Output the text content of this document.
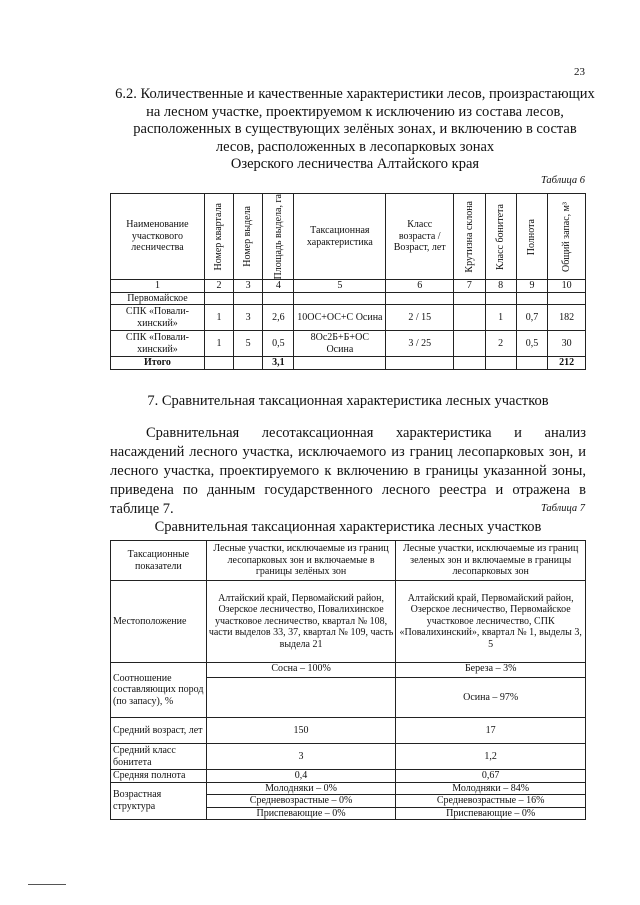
23
6.2. Количественные и качественные характеристики лесов, произрастающих
на лесном участке, проектируемом к исключению из состава лесов,
расположенных в существующих зелёных зонах, и включению в состав
лесов, расположенных в лесопарковых зонах
Озерского лесничества Алтайского края
Таблица 6
Наименование участкового лесничества	Номер квартала	Номер выдела	Площадь выдела, га	Таксационная характеристика	Класс возраста / Возраст, лет	Крутизна склона	Класс бонитета	Полнота	Общий запас, м³

1	2	3	4	5	6	7	8	9	10
Первомайское									
СПК «Повали-хинский»	1	3	2,6	10ОС+ОС+С Осина	2 / 15		1	0,7	182
СПК «Повали-хинский»	1	5	0,5	8Ос2Б+Б+ОС Осина	3 / 25		2	0,5	30
Итого			3,1						212
7. Сравнительная таксационная характеристика лесных участков

Сравнительная лесотаксационная характеристика и анализ насаждений лесного участка, исключаемого из границ лесопарковых зон, и лесного участка, проектируемого к включению в границы указанной зоны, приведена по данным государственного лесного реестра и отражена в таблице 7.	Таблица 7
Сравнительная таксационная характеристика лесных участков
Таксационные показатели	Лесные участки, исключаемые из границ лесопарковых зон и включаемые в границы зелёных зон	Лесные участки, исключаемые из границ зеленых зон и включаемые в границы лесопарковых зон
Местоположение	Алтайский край, Первомайский район, Озерское лесничество, Повалихинское участковое лесничество, квартал № 108, части выделов 33, 37, квартал № 109, часть выдела 21	Алтайский край, Первомайский район, Озерское лесничество, Первомайское участковое лесничество, СПК «Повалихинский», квартал № 1, выделы 3, 5
Соотношение составляющих пород (по запасу), %	Сосна – 100%	Береза – 3%
		Осина – 97%
Средний возраст, лет	150	17
Средний класс бонитета	3	1,2
Средняя полнота	0,4	0,67
Возрастная структура	Молодняки – 0%	Молодняки – 84%
	Средневозрастные – 0%	Средневозрастные – 16%
	Приспевающие – 0%	Приспевающие – 0%
